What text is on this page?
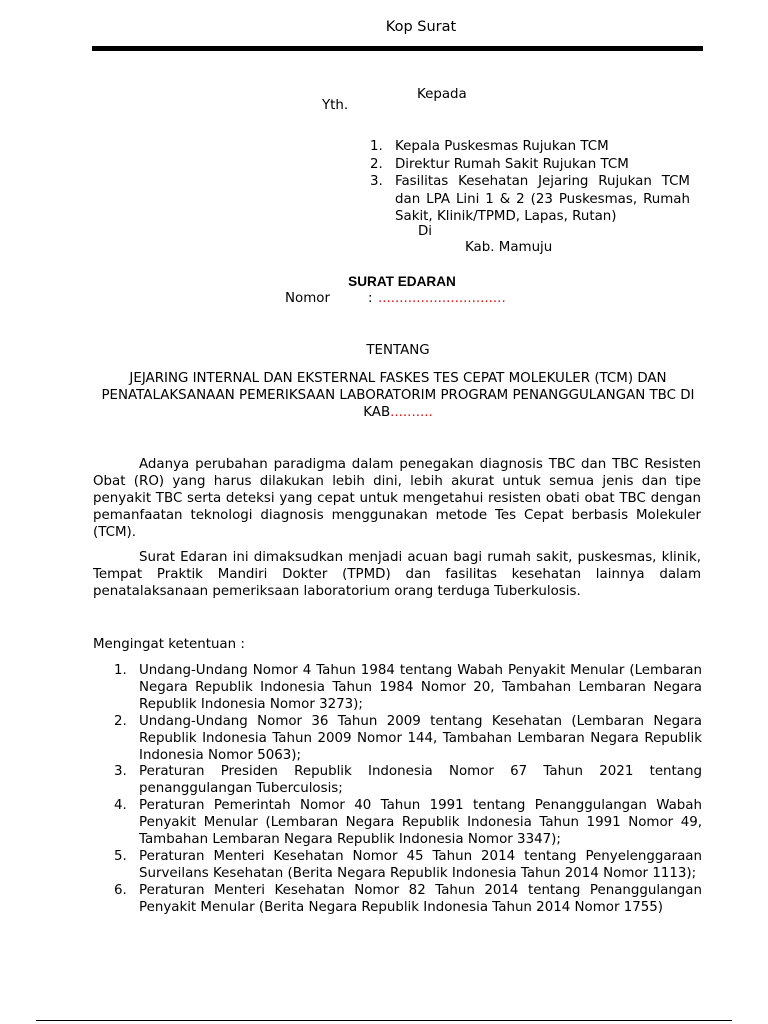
Kop Surat
Kepada
Yth.
1. Kepala Puskesmas Rujukan TCM
2. Direktur Rumah Sakit Rujukan TCM
3. Fasilitas Kesehatan Jejaring Rujukan TCM dan LPA Lini 1 & 2 (23 Puskesmas, Rumah Sakit, Klinik/TPMD, Lapas, Rutan)
Di
Kab. Mamuju
SURAT EDARAN
Nomor	: ..............................
TENTANG
JEJARING INTERNAL DAN EKSTERNAL FASKES TES CEPAT MOLEKULER (TCM) DAN PENATALAKSANAAN PEMERIKSAAN LABORATORIM PROGRAM PENANGGULANGAN TBC DI KAB..........

Adanya perubahan paradigma dalam penegakan diagnosis TBC dan TBC Resisten Obat (RO) yang harus dilakukan lebih dini, lebih akurat untuk semua jenis dan tipe penyakit TBC serta deteksi yang cepat untuk mengetahui resisten obati obat TBC dengan pemanfaatan teknologi diagnosis menggunakan metode Tes Cepat berbasis Molekuler (TCM).

Surat Edaran ini dimaksudkan menjadi acuan bagi rumah sakit, puskesmas, klinik, Tempat Praktik Mandiri Dokter (TPMD) dan fasilitas kesehatan lainnya dalam penatalaksanaan pemeriksaan laboratorium orang terduga Tuberkulosis.

Mengingat ketentuan :
1. Undang-Undang Nomor 4 Tahun 1984 tentang Wabah Penyakit Menular (Lembaran Negara Republik Indonesia Tahun 1984 Nomor 20, Tambahan Lembaran Negara Republik Indonesia Nomor 3273);
2. Undang-Undang Nomor 36 Tahun 2009 tentang Kesehatan (Lembaran Negara Republik Indonesia Tahun 2009 Nomor 144, Tambahan Lembaran Negara Republik Indonesia Nomor 5063);
3. Peraturan Presiden Republik Indonesia Nomor 67 Tahun 2021 tentang penanggulangan Tuberculosis;
4. Peraturan Pemerintah Nomor 40 Tahun 1991 tentang Penanggulangan Wabah Penyakit Menular (Lembaran Negara Republik Indonesia Tahun 1991 Nomor 49, Tambahan Lembaran Negara Republik Indonesia Nomor 3347);
5. Peraturan Menteri Kesehatan Nomor 45 Tahun 2014 tentang Penyelenggaraan Surveilans Kesehatan (Berita Negara Republik Indonesia Tahun 2014 Nomor 1113);
6. Peraturan Menteri Kesehatan Nomor 82 Tahun 2014 tentang Penanggulangan Penyakit Menular (Berita Negara Republik Indonesia Tahun 2014 Nomor 1755)
